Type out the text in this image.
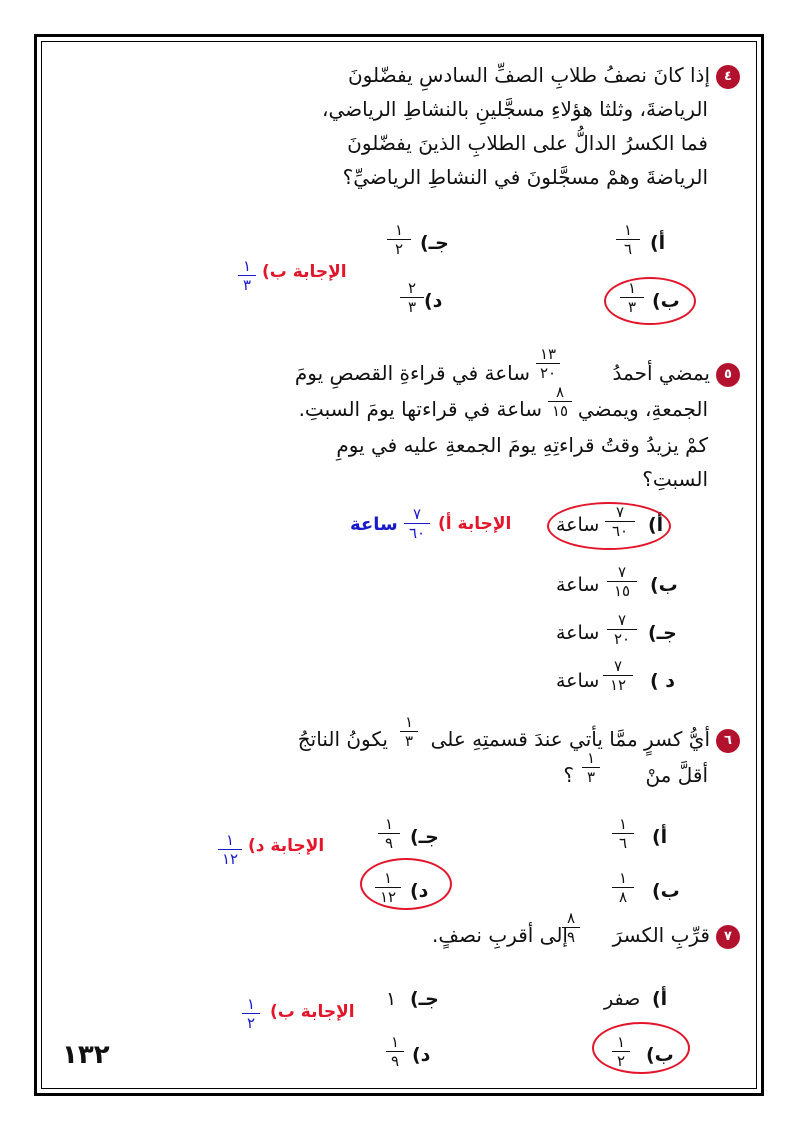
٤إذا كانَ نصفُ طلابِ الصفِّ السادسِ يفضّلونَ
الرياضةَ، وثلثا هؤلاءِ مسجَّلينِ بالنشاطِ الرياضي،
فما الكسرُ الدالُّ على الطلابِ الذينَ يفضّلونَ
الرياضةَ وهمْ مسجَّلونَ في النشاطِ الرياضيِّ؟
أ)
١
٦
جـ)
١
٢
ب)
١
٣
د)
٢
٣
الإجابة ب)
١
٣
٥يمضي أحمدُ
١٣
٢٠
ساعة في قراءةِ القصصِ يومَ
الجمعةِ، ويمضي
٨
١٥
ساعة في قراءتها يومَ السبتِ.
كمْ يزيدُ وقتُ قراءتِهِ يومَ الجمعةِ عليه في يومِ
السبتِ؟
أ)
٧
٦٠
ساعة
ب)
٧
١٥
ساعة
جـ)
٧
٢٠
ساعة
د )
٧
١٢
ساعة
الإجابة أ)
٧
٦٠
ساعة
٦أيُّ كسرٍ ممَّا يأتي عندَ قسمتِهِ على
١
٣
يكونُ الناتجُ
أقلَّ منْ
١
٣
؟
أ)
١
٦
جـ)
١
٩
ب)
١
٨
د)
١
١٢
الإجابة د)
١
١٢
٧قرِّبِ الكسرَ
٨
٩
إلى أقربِ نصفٍ.
أ)
صفر
جـ)
١
ب)
١
٢
د)
١
٩
الإجابة ب)
١
٢
١٣٢
